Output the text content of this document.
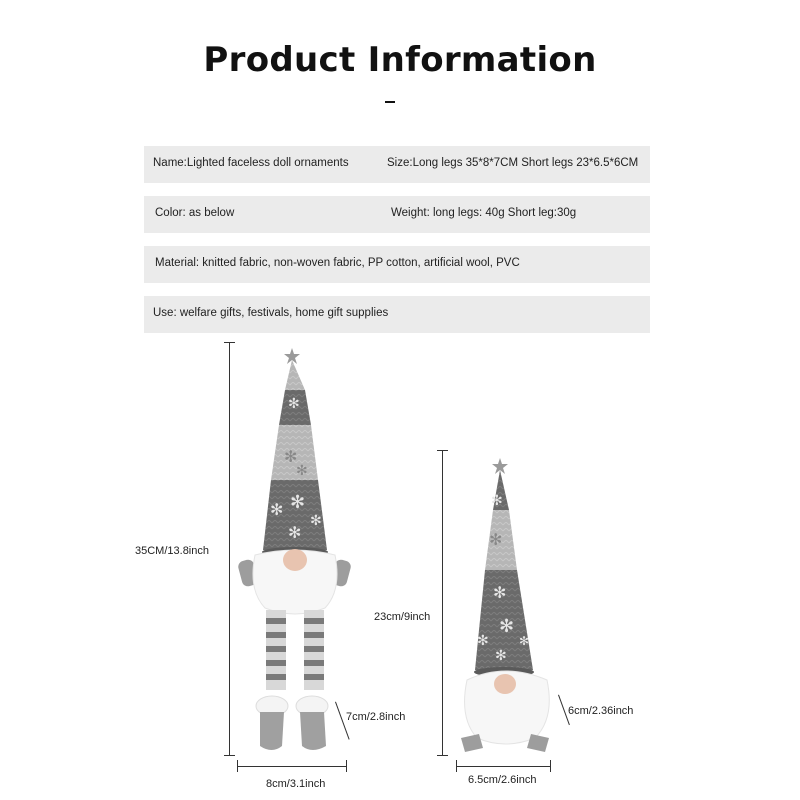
Product Information
Name:Lighted faceless doll ornaments	Size:Long legs 35*8*7CM Short legs 23*6.5*6CM
Color: as below	Weight: long legs: 40g Short leg:30g
Material: knitted fabric, non-woven fabric, PP cotton, artificial wool, PVC
Use: welfare gifts, festivals, home gift supplies
✻
✻
✻
✻ ✻
✻
✻
✻
✻
✻
✻
✻
✻
✻
35CM/13.8inch
7cm/2.8inch
8cm/3.1inch
23cm/9inch
6cm/2.36inch
6.5cm/2.6inch
